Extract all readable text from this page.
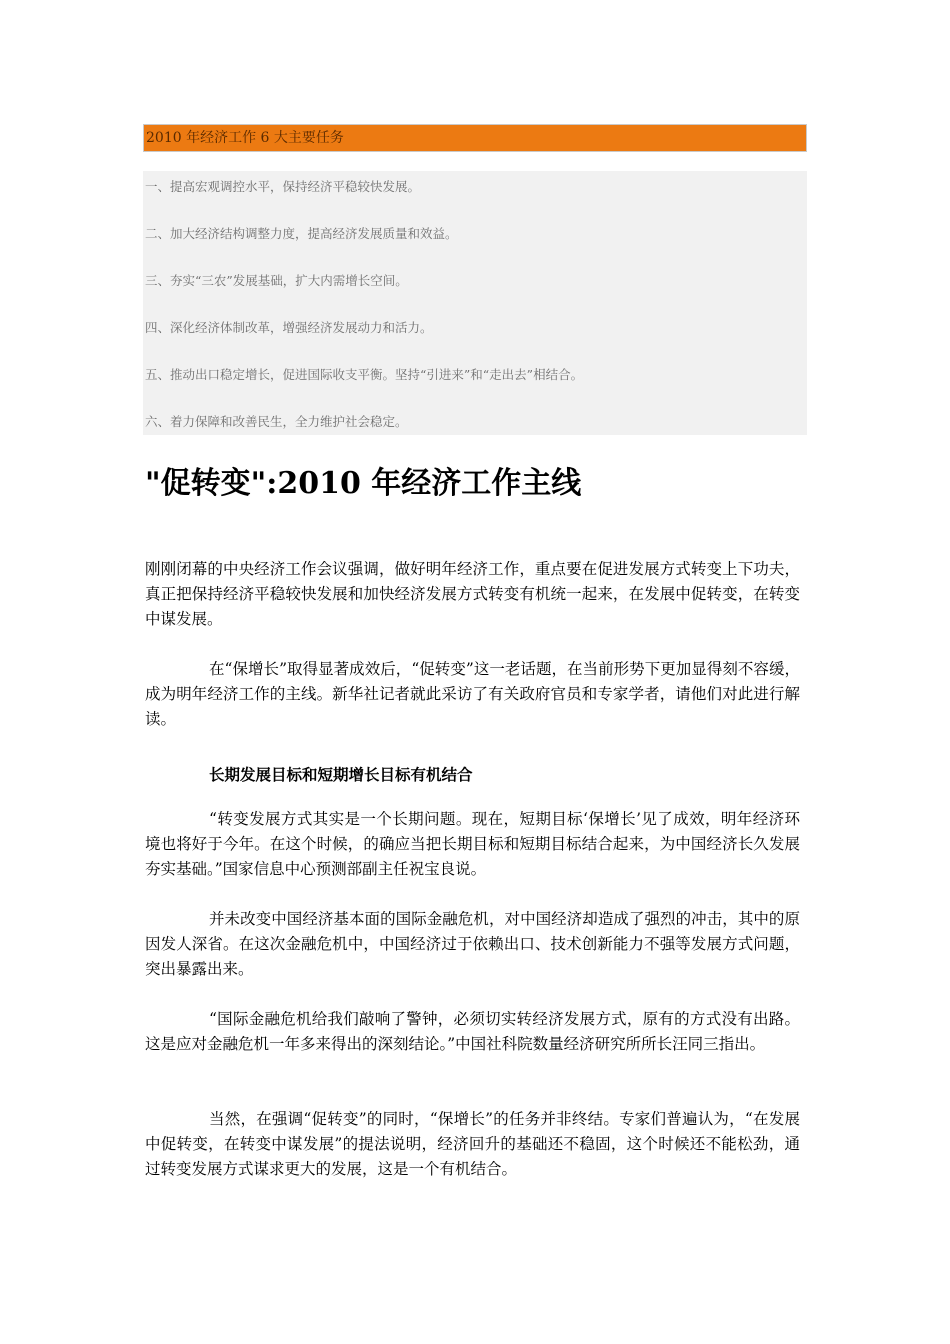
2010 年经济工作 6 大主要任务
一、提高宏观调控水平，保持经济平稳较快发展。
二、加大经济结构调整力度，提高经济发展质量和效益。
三、夯实“三农”发展基础，扩大内需增长空间。
四、深化经济体制改革，增强经济发展动力和活力。
五、推动出口稳定增长，促进国际收支平衡。坚持“引进来”和“走出去”相结合。
六、着力保障和改善民生，全力维护社会稳定。
"促转变":2010 年经济工作主线

刚刚闭幕的中央经济工作会议强调，做好明年经济工作，重点要在促进发展方式转变上下功夫，真正把保持经济平稳较快发展和加快经济发展方式转变有机统一起来，在发展中促转变，在转变中谋发展。

在“保增长”取得显著成效后，“促转变”这一老话题，在当前形势下更加显得刻不容缓，成为明年经济工作的主线。新华社记者就此采访了有关政府官员和专家学者，请他们对此进行解读。

长期发展目标和短期增长目标有机结合

“转变发展方式其实是一个长期问题。现在，短期目标‘保增长’见了成效，明年经济环境也将好于今年。在这个时候，的确应当把长期目标和短期目标结合起来，为中国经济长久发展夯实基础。”国家信息中心预测部副主任祝宝良说。

并未改变中国经济基本面的国际金融危机，对中国经济却造成了强烈的冲击，其中的原因发人深省。在这次金融危机中，中国经济过于依赖出口、技术创新能力不强等发展方式问题，突出暴露出来。

“国际金融危机给我们敲响了警钟，必须切实转经济发展方式，原有的方式没有出路。这是应对金融危机一年多来得出的深刻结论。”中国社科院数量经济研究所所长汪同三指出。

当然，在强调“促转变”的同时，“保增长”的任务并非终结。专家们普遍认为，“在发展中促转变，在转变中谋发展”的提法说明，经济回升的基础还不稳固，这个时候还不能松劲，通过转变发展方式谋求更大的发展，这是一个有机结合。
